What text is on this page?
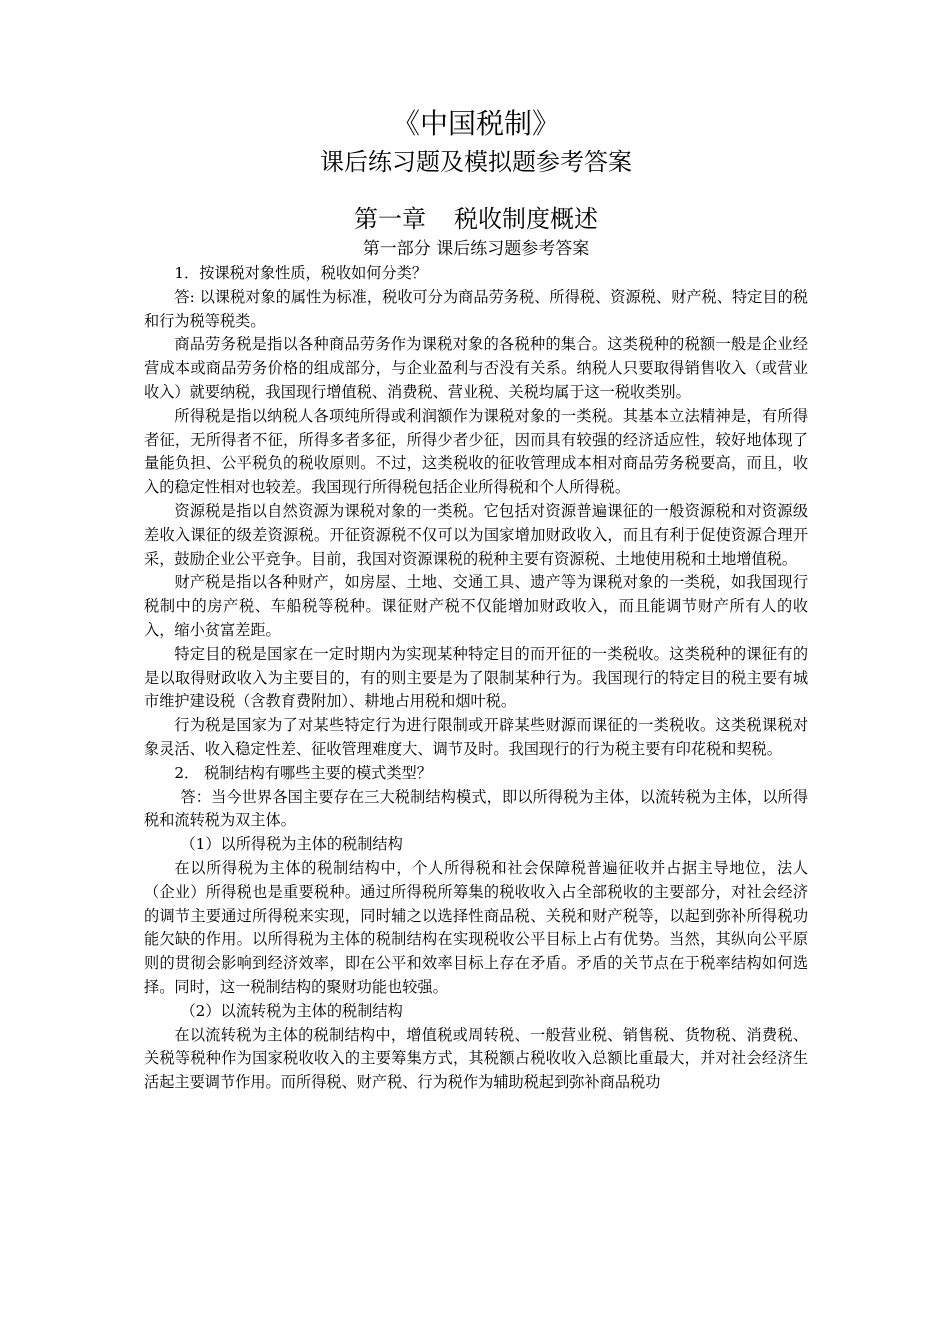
《中国税制》
课后练习题及模拟题参考答案
第一章 税收制度概述
第一部分 课后练习题参考答案

1．按课税对象性质，税收如何分类？

答: 以课税对象的属性为标准，税收可分为商品劳务税、所得税、资源税、财产税、特定目的税和行为税等税类。

商品劳务税是指以各种商品劳务作为课税对象的各税种的集合。这类税种的税额一般是企业经营成本或商品劳务价格的组成部分，与企业盈利与否没有关系。纳税人只要取得销售收入（或营业收入）就要纳税，我国现行增值税、消费税、营业税、关税均属于这一税收类别。

所得税是指以纳税人各项纯所得或利润额作为课税对象的一类税。其基本立法精神是，有所得者征，无所得者不征，所得多者多征，所得少者少征，因而具有较强的经济适应性，较好地体现了量能负担、公平税负的税收原则。不过，这类税收的征收管理成本相对商品劳务税要高，而且，收入的稳定性相对也较差。我国现行所得税包括企业所得税和个人所得税。

资源税是指以自然资源为课税对象的一类税。它包括对资源普遍课征的一般资源税和对资源级差收入课征的级差资源税。开征资源税不仅可以为国家增加财政收入，而且有利于促使资源合理开采，鼓励企业公平竞争。目前，我国对资源课税的税种主要有资源税、土地使用税和土地增值税。

财产税是指以各种财产，如房屋、土地、交通工具、遗产等为课税对象的一类税，如我国现行税制中的房产税、车船税等税种。课征财产税不仅能增加财政收入，而且能调节财产所有人的收入，缩小贫富差距。

特定目的税是国家在一定时期内为实现某种特定目的而开征的一类税收。这类税种的课征有的是以取得财政收入为主要目的，有的则主要是为了限制某种行为。我国现行的特定目的税主要有城市维护建设税（含教育费附加）、耕地占用税和烟叶税。

行为税是国家为了对某些特定行为进行限制或开辟某些财源而课征的一类税收。这类税课税对象灵活、收入稳定性差、征收管理难度大、调节及时。我国现行的行为税主要有印花税和契税。

2． 税制结构有哪些主要的模式类型？

答：当今世界各国主要存在三大税制结构模式，即以所得税为主体，以流转税为主体，以所得税和流转税为双主体。

（1）以所得税为主体的税制结构

在以所得税为主体的税制结构中，个人所得税和社会保障税普遍征收并占据主导地位，法人（企业）所得税也是重要税种。通过所得税所筹集的税收收入占全部税收的主要部分，对社会经济的调节主要通过所得税来实现，同时辅之以选择性商品税、关税和财产税等，以起到弥补所得税功能欠缺的作用。以所得税为主体的税制结构在实现税收公平目标上占有优势。当然，其纵向公平原则的贯彻会影响到经济效率，即在公平和效率目标上存在矛盾。矛盾的关节点在于税率结构如何选择。同时，这一税制结构的聚财功能也较强。

（2）以流转税为主体的税制结构

在以流转税为主体的税制结构中，增值税或周转税、一般营业税、销售税、货物税、消费税、关税等税种作为国家税收收入的主要筹集方式，其税额占税收收入总额比重最大，并对社会经济生活起主要调节作用。而所得税、财产税、行为税作为辅助税起到弥补商品税功
